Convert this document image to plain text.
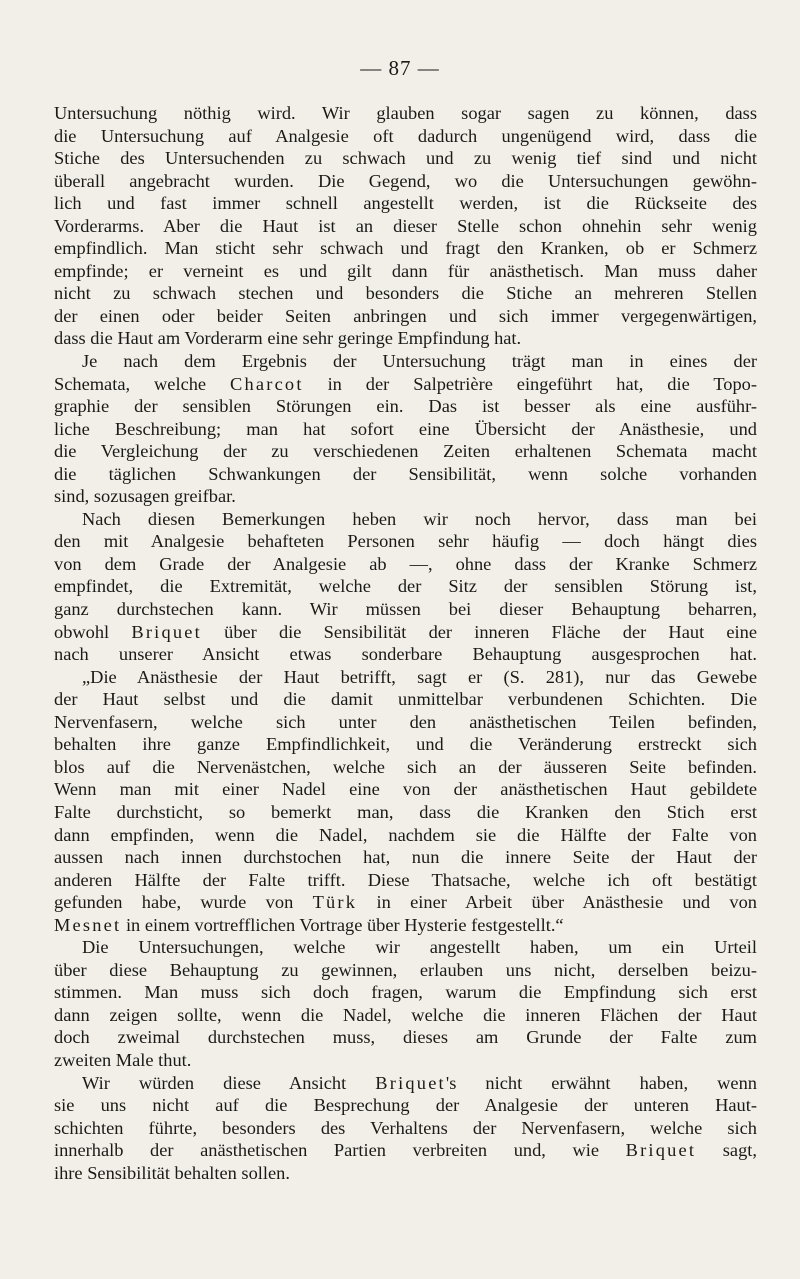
— 87 —
Untersuchung nöthig wird. Wir glauben sogar sagen zu können, dass
die Untersuchung auf Analgesie oft dadurch ungenügend wird, dass die
Stiche des Untersuchenden zu schwach und zu wenig tief sind und nicht
überall angebracht wurden. Die Gegend, wo die Untersuchungen gewöhn-
lich und fast immer schnell angestellt werden, ist die Rückseite des
Vorderarms. Aber die Haut ist an dieser Stelle schon ohnehin sehr wenig
empfindlich. Man sticht sehr schwach und fragt den Kranken, ob er Schmerz
empfinde; er verneint es und gilt dann für anästhetisch. Man muss daher
nicht zu schwach stechen und besonders die Stiche an mehreren Stellen
der einen oder beider Seiten anbringen und sich immer vergegenwärtigen,
dass die Haut am Vorderarm eine sehr geringe Empfindung hat.
Je nach dem Ergebnis der Untersuchung trägt man in eines der
Schemata, welche Charcot in der Salpetrière eingeführt hat, die Topo-
graphie der sensiblen Störungen ein. Das ist besser als eine ausführ-
liche Beschreibung; man hat sofort eine Übersicht der Anästhesie, und
die Vergleichung der zu verschiedenen Zeiten erhaltenen Schemata macht
die täglichen Schwankungen der Sensibilität, wenn solche vorhanden
sind, sozusagen greifbar.
Nach diesen Bemerkungen heben wir noch hervor, dass man bei
den mit Analgesie behafteten Personen sehr häufig — doch hängt dies
von dem Grade der Analgesie ab —, ohne dass der Kranke Schmerz
empfindet, die Extremität, welche der Sitz der sensiblen Störung ist,
ganz durchstechen kann. Wir müssen bei dieser Behauptung beharren,
obwohl Briquet über die Sensibilität der inneren Fläche der Haut eine
nach unserer Ansicht etwas sonderbare Behauptung ausgesprochen hat.
„Die Anästhesie der Haut betrifft, sagt er (S. 281), nur das Gewebe
der Haut selbst und die damit unmittelbar verbundenen Schichten. Die
Nervenfasern, welche sich unter den anästhetischen Teilen befinden,
behalten ihre ganze Empfindlichkeit, und die Veränderung erstreckt sich
blos auf die Nervenästchen, welche sich an der äusseren Seite befinden.
Wenn man mit einer Nadel eine von der anästhetischen Haut gebildete
Falte durchsticht, so bemerkt man, dass die Kranken den Stich erst
dann empfinden, wenn die Nadel, nachdem sie die Hälfte der Falte von
aussen nach innen durchstochen hat, nun die innere Seite der Haut der
anderen Hälfte der Falte trifft. Diese Thatsache, welche ich oft bestätigt
gefunden habe, wurde von Türk in einer Arbeit über Anästhesie und von
Mesnet in einem vortrefflichen Vortrage über Hysterie festgestellt.“
Die Untersuchungen, welche wir angestellt haben, um ein Urteil
über diese Behauptung zu gewinnen, erlauben uns nicht, derselben beizu-
stimmen. Man muss sich doch fragen, warum die Empfindung sich erst
dann zeigen sollte, wenn die Nadel, welche die inneren Flächen der Haut
doch zweimal durchstechen muss, dieses am Grunde der Falte zum
zweiten Male thut.
Wir würden diese Ansicht Briquet's nicht erwähnt haben, wenn
sie uns nicht auf die Besprechung der Analgesie der unteren Haut-
schichten führte, besonders des Verhaltens der Nervenfasern, welche sich
innerhalb der anästhetischen Partien verbreiten und, wie Briquet sagt,
ihre Sensibilität behalten sollen.
